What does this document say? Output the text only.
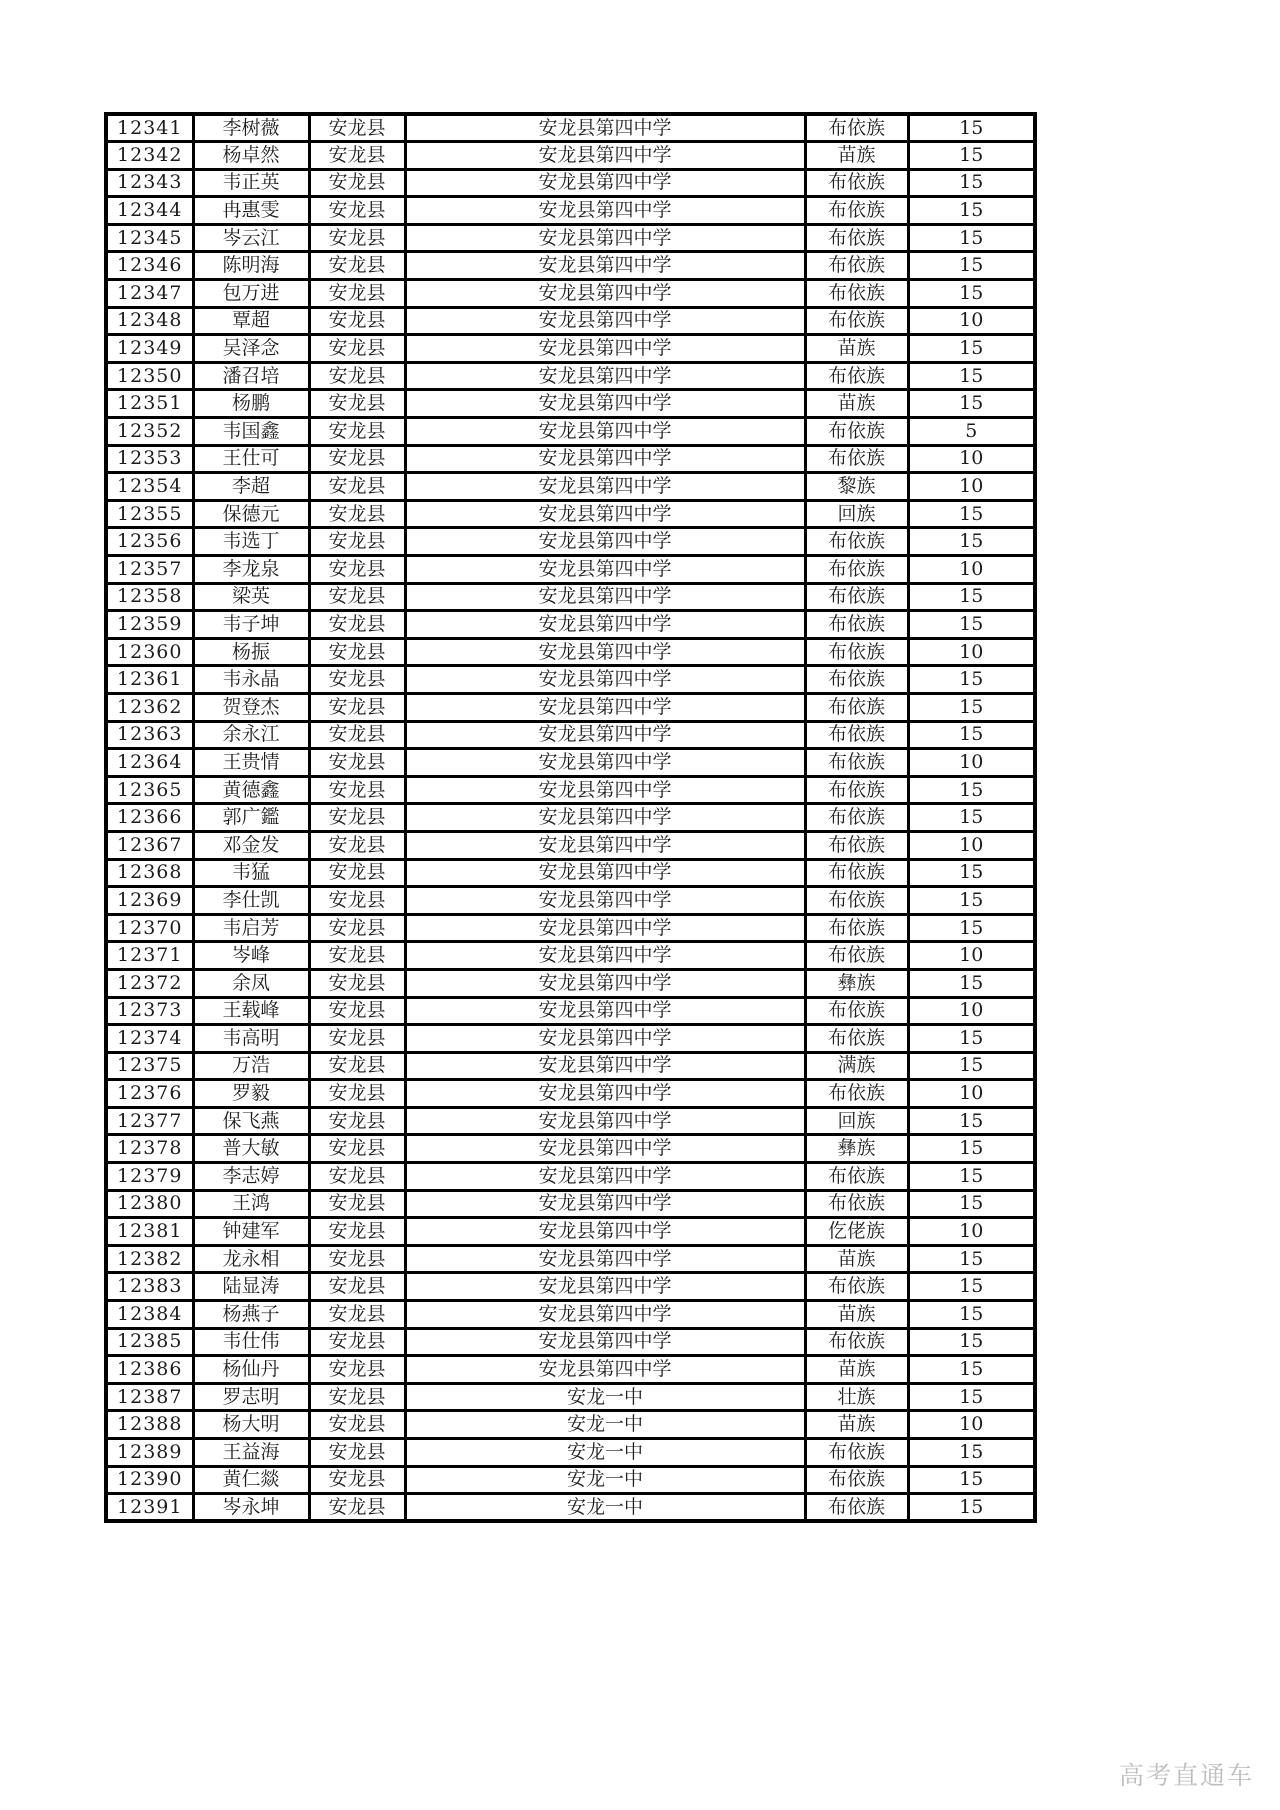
12341	李树薇	安龙县	安龙县第四中学	布依族	15
12342	杨卓然	安龙县	安龙县第四中学	苗族	15
12343	韦正英	安龙县	安龙县第四中学	布依族	15
12344	冉惠雯	安龙县	安龙县第四中学	布依族	15
12345	岑云江	安龙县	安龙县第四中学	布依族	15
12346	陈明海	安龙县	安龙县第四中学	布依族	15
12347	包万进	安龙县	安龙县第四中学	布依族	15
12348	覃超	安龙县	安龙县第四中学	布依族	10
12349	吴泽念	安龙县	安龙县第四中学	苗族	15
12350	潘召培	安龙县	安龙县第四中学	布依族	15
12351	杨鹏	安龙县	安龙县第四中学	苗族	15
12352	韦国鑫	安龙县	安龙县第四中学	布依族	5
12353	王仕可	安龙县	安龙县第四中学	布依族	10
12354	李超	安龙县	安龙县第四中学	黎族	10
12355	保德元	安龙县	安龙县第四中学	回族	15
12356	韦选丁	安龙县	安龙县第四中学	布依族	15
12357	李龙泉	安龙县	安龙县第四中学	布依族	10
12358	梁英	安龙县	安龙县第四中学	布依族	15
12359	韦子坤	安龙县	安龙县第四中学	布依族	15
12360	杨振	安龙县	安龙县第四中学	布依族	10
12361	韦永晶	安龙县	安龙县第四中学	布依族	15
12362	贺登杰	安龙县	安龙县第四中学	布依族	15
12363	余永江	安龙县	安龙县第四中学	布依族	15
12364	王贵情	安龙县	安龙县第四中学	布依族	10
12365	黄德鑫	安龙县	安龙县第四中学	布依族	15
12366	郭广鑑	安龙县	安龙县第四中学	布依族	15
12367	邓金发	安龙县	安龙县第四中学	布依族	10
12368	韦猛	安龙县	安龙县第四中学	布依族	15
12369	李仕凯	安龙县	安龙县第四中学	布依族	15
12370	韦启芳	安龙县	安龙县第四中学	布依族	15
12371	岑峰	安龙县	安龙县第四中学	布依族	10
12372	余凤	安龙县	安龙县第四中学	彝族	15
12373	王载峰	安龙县	安龙县第四中学	布依族	10
12374	韦高明	安龙县	安龙县第四中学	布依族	15
12375	万浩	安龙县	安龙县第四中学	满族	15
12376	罗毅	安龙县	安龙县第四中学	布依族	10
12377	保飞燕	安龙县	安龙县第四中学	回族	15
12378	普大敏	安龙县	安龙县第四中学	彝族	15
12379	李志婷	安龙县	安龙县第四中学	布依族	15
12380	王鸿	安龙县	安龙县第四中学	布依族	15
12381	钟建军	安龙县	安龙县第四中学	仡佬族	10
12382	龙永相	安龙县	安龙县第四中学	苗族	15
12383	陆显涛	安龙县	安龙县第四中学	布依族	15
12384	杨燕子	安龙县	安龙县第四中学	苗族	15
12385	韦仕伟	安龙县	安龙县第四中学	布依族	15
12386	杨仙丹	安龙县	安龙县第四中学	苗族	15
12387	罗志明	安龙县	安龙一中	壮族	15
12388	杨大明	安龙县	安龙一中	苗族	10
12389	王益海	安龙县	安龙一中	布依族	15
12390	黄仁燚	安龙县	安龙一中	布依族	15
12391	岑永坤	安龙县	安龙一中	布依族	15
高考直通车
